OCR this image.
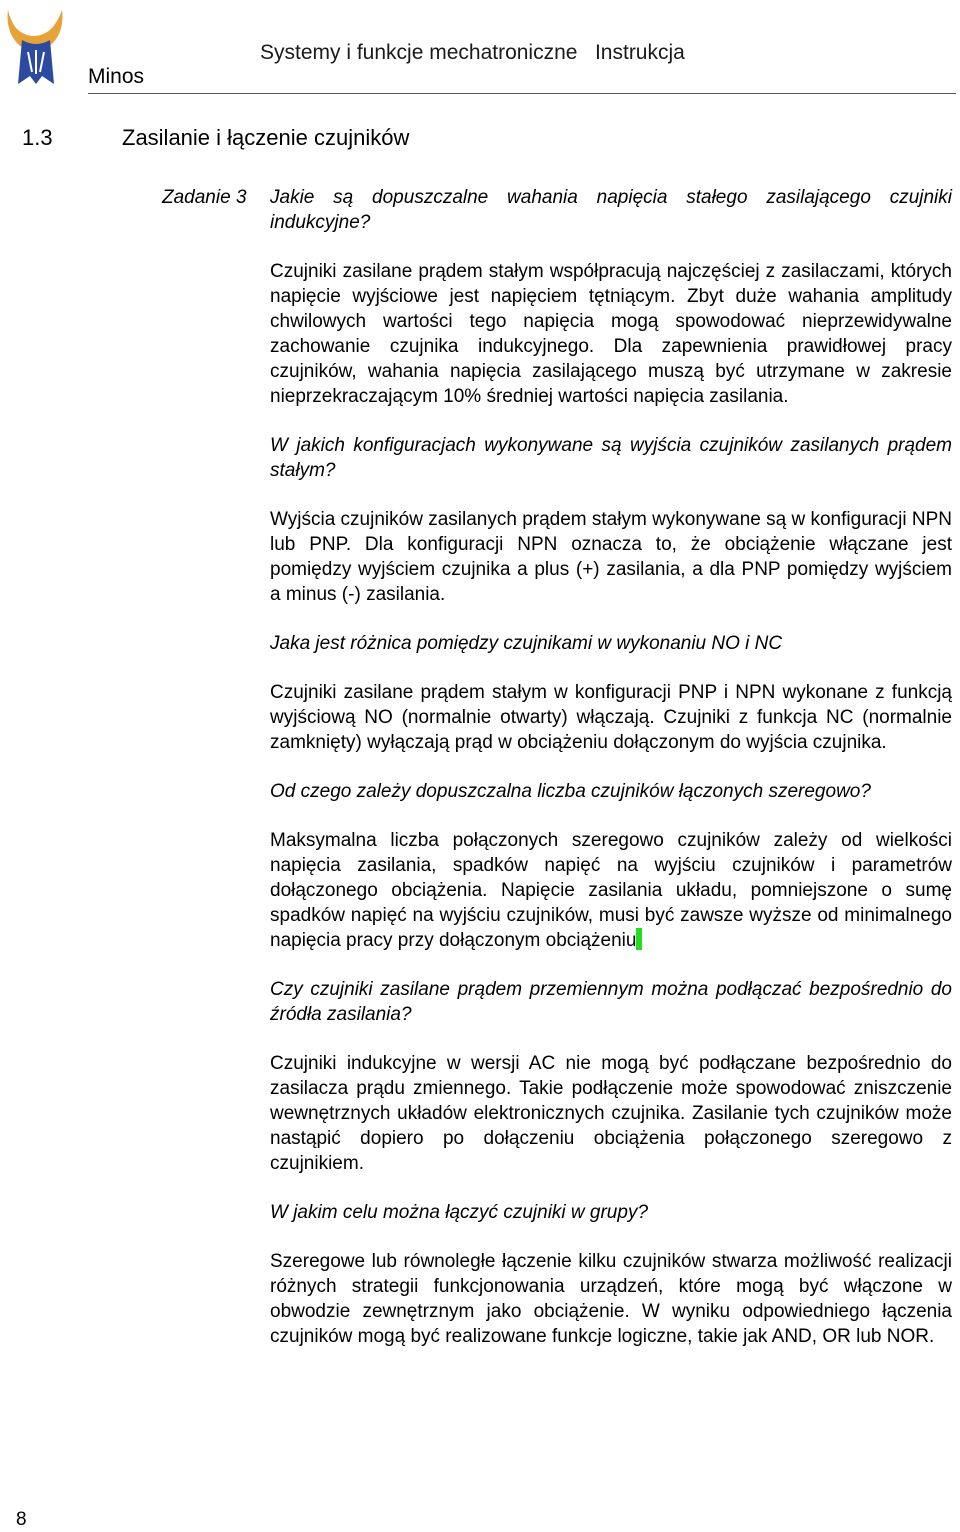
Minos
Systemy i funkcje mechatroniczne   Instrukcja
1.3	Zasilanie i łączenie czujników
Zadanie 3 Jakie są dopuszczalne wahania napięcia stałego zasilającego czujniki indukcyjne?

Czujniki zasilane prądem stałym współpracują najczęściej z zasilaczami, których napięcie wyjściowe jest napięciem tętniącym. Zbyt duże wahania amplitudy chwilowych wartości tego napięcia mogą spowodować nieprzewidywalne zachowanie czujnika indukcyjnego. Dla zapewnienia prawidłowej pracy czujników, wahania napięcia zasilającego muszą być utrzymane w zakresie nieprzekraczającym 10% średniej wartości napięcia zasilania.

W jakich konfiguracjach wykonywane są wyjścia czujników zasilanych prądem stałym?

Wyjścia czujników zasilanych prądem stałym wykonywane są w konfiguracji NPN lub PNP. Dla konfiguracji NPN oznacza to, że obciążenie włączane jest pomiędzy wyjściem czujnika a plus (+) zasilania, a dla PNP pomiędzy wyjściem a minus (-) zasilania.

Jaka jest różnica pomiędzy czujnikami w wykonaniu NO i NC

Czujniki zasilane prądem stałym w konfiguracji PNP i NPN wykonane z funkcją wyjściową NO (normalnie otwarty) włączają. Czujniki z funkcja NC (normalnie zamknięty) wyłączają prąd w obciążeniu dołączonym do wyjścia czujnika.

Od czego zależy dopuszczalna liczba czujników łączonych szeregowo?

Maksymalna liczba połączonych szeregowo czujników zależy od wielkości napięcia zasilania, spadków napięć na wyjściu czujników i parametrów dołączonego obciążenia. Napięcie zasilania układu, pomniejszone o sumę spadków napięć na wyjściu czujników, musi być zawsze wyższe od minimalnego napięcia pracy przy dołączonym obciążeniu

Czy czujniki zasilane prądem przemiennym można podłączać bezpośrednio do źródła zasilania?

Czujniki indukcyjne w wersji AC nie mogą być podłączane bezpośrednio do zasilacza prądu zmiennego. Takie podłączenie może spowodować zniszczenie wewnętrznych układów elektronicznych czujnika. Zasilanie tych czujników może nastąpić dopiero po dołączeniu obciążenia połączonego szeregowo z czujnikiem.

W jakim celu można łączyć czujniki w grupy?

Szeregowe lub równoległe łączenie kilku czujników stwarza możliwość realizacji różnych strategii funkcjonowania urządzeń, które mogą być włączone w obwodzie zewnętrznym jako obciążenie. W wyniku odpowiedniego łączenia czujników mogą być realizowane funkcje logiczne, takie jak AND, OR lub NOR.

8
